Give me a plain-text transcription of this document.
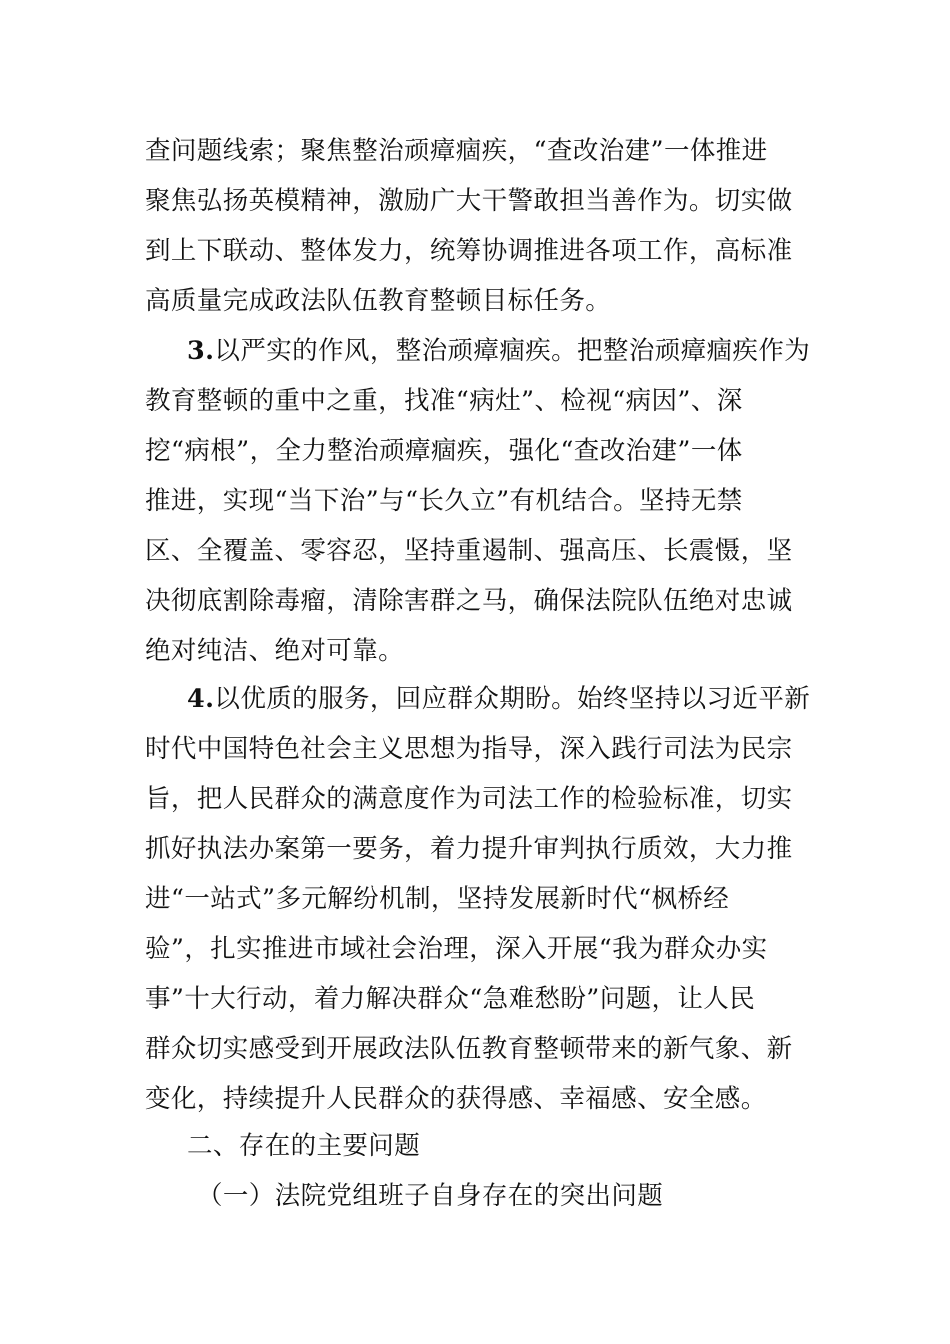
查问题线索；聚焦整治顽瘴痼疾，“查改治建”一体推进
聚焦弘扬英模精神，激励广大干警敢担当善作为。切实做
到上下联动、整体发力，统筹协调推进各项工作，高标准
高质量完成政法队伍教育整顿目标任务。
3.以严实的作风，整治顽瘴痼疾。把整治顽瘴痼疾作为
教育整顿的重中之重，找准“病灶”、检视“病因”、深
挖“病根”，全力整治顽瘴痼疾，强化“查改治建”一体
推进，实现“当下治”与“长久立”有机结合。坚持无禁
区、全覆盖、零容忍，坚持重遏制、强高压、长震慑，坚
决彻底割除毒瘤，清除害群之马，确保法院队伍绝对忠诚
绝对纯洁、绝对可靠。
4.以优质的服务，回应群众期盼。始终坚持以习近平新
时代中国特色社会主义思想为指导，深入践行司法为民宗
旨，把人民群众的满意度作为司法工作的检验标准，切实
抓好执法办案第一要务，着力提升审判执行质效，大力推
进“一站式”多元解纷机制，坚持发展新时代“枫桥经
验”，扎实推进市域社会治理，深入开展“我为群众办实
事”十大行动，着力解决群众“急难愁盼”问题，让人民
群众切实感受到开展政法队伍教育整顿带来的新气象、新
变化，持续提升人民群众的获得感、幸福感、安全感。
二、存在的主要问题
（一）法院党组班子自身存在的突出问题
